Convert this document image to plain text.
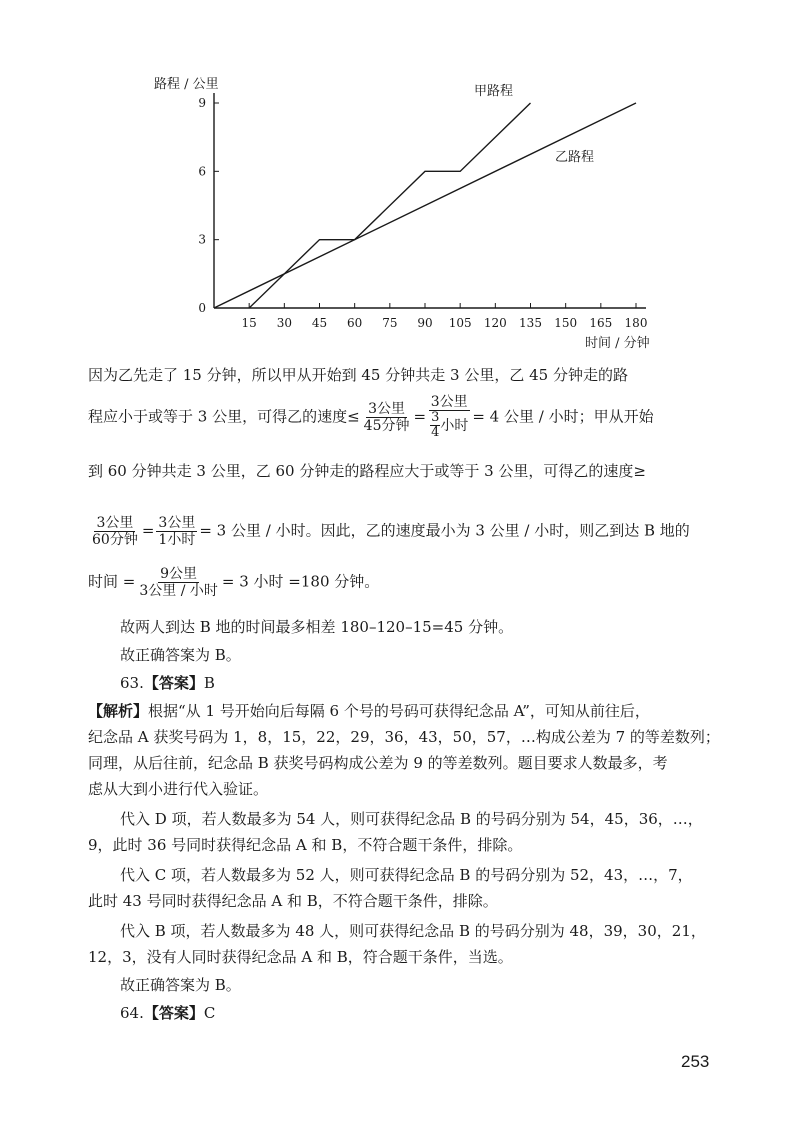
15 30 45 60 75 90 105 120 135 150 165 180
0
3
6
9
路程 / 公里
时间 / 分钟
甲路程
乙路程

因为乙先走了 15 分钟，所以甲从开始到 45 分钟共走 3 公里，乙 45 分钟走的路

程应小于或等于 3 公里，可得乙的速度≤ $\frac{\text{3公里}}{\text{45分钟}} = \frac{\text{3公里}}{\frac{3}{4} 小时} = 4$ 公里 / 小时；甲从开始

到 60 分钟共走 3 公里，乙 60 分钟走的路程应大于或等于 3 公里，可得乙的速度≥

$\frac{\text{3公里}}{\text{60分钟}} = \frac{\text{3公里}}{\text{1小时}} = 3$ 公里 / 小时。因此，乙的速度最小为 3 公里 / 小时，则乙到达 B 地的
时间 = $\frac{\text{9公里}}{\text{3公里 / 小时}} = 3$ 小时 =180 分钟。

故两人到达 B 地的时间最多相差 180–120–15=45 分钟。

故正确答案为 B。

63.【答案】B
【解析】根据“从 1 号开始向后每隔 6 个号的号码可获得纪念品 A”，可知从前往后，

纪念品 A 获奖号码为 1，8，15，22，29，36，43，50，57，…构成公差为 7 的等差数列；

同理，从后往前，纪念品 B 获奖号码构成公差为 9 的等差数列。题目要求人数最多，考

虑从大到小进行代入验证。

代入 D 项，若人数最多为 54 人，则可获得纪念品 B 的号码分别为 54，45，36，…，

9，此时 36 号同时获得纪念品 A 和 B，不符合题干条件，排除。

代入 C 项，若人数最多为 52 人，则可获得纪念品 B 的号码分别为 52，43，…，7，

此时 43 号同时获得纪念品 A 和 B，不符合题干条件，排除。

代入 B 项，若人数最多为 48 人，则可获得纪念品 B 的号码分别为 48，39，30，21，

12，3，没有人同时获得纪念品 A 和 B，符合题干条件，当选。

故正确答案为 B。

64.【答案】C
253
